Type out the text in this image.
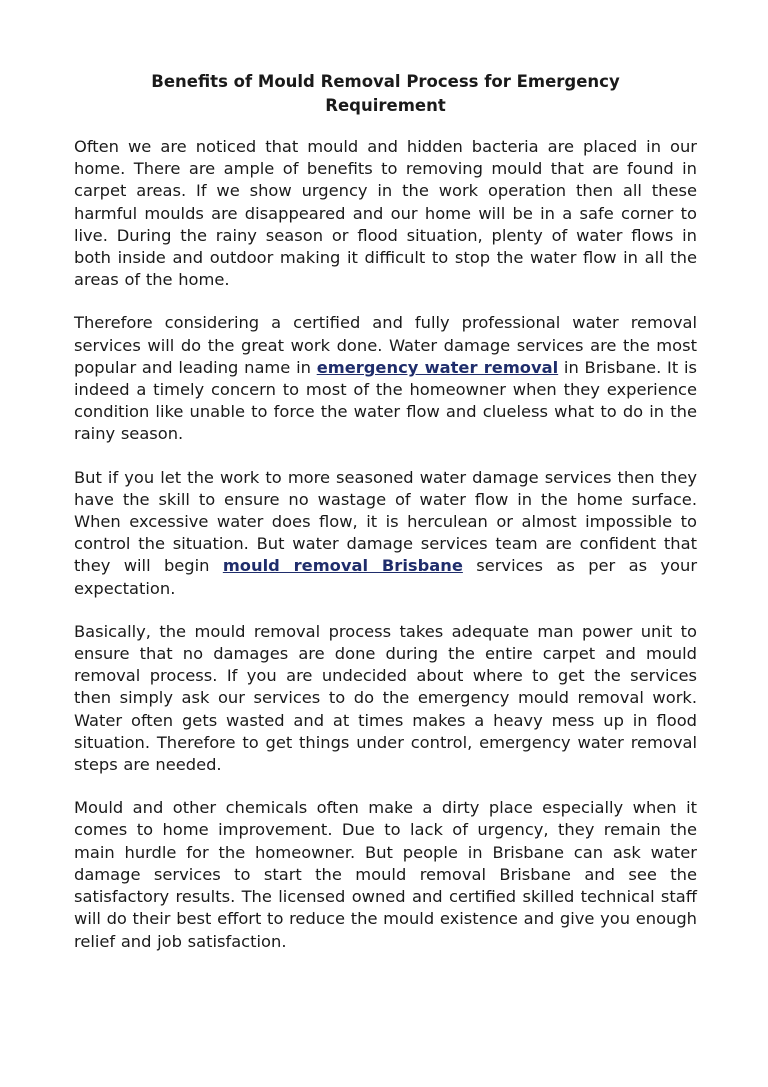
Benefits of Mould Removal Process for Emergency Requirement

Often we are noticed that mould and hidden bacteria are placed in our home. There are ample of benefits to removing mould that are found in carpet areas. If we show urgency in the work operation then all these harmful moulds are disappeared and our home will be in a safe corner to live. During the rainy season or flood situation, plenty of water flows in both inside and outdoor making it difficult to stop the water flow in all the areas of the home.

Therefore considering a certified and fully professional water removal services will do the great work done. Water damage services are the most popular and leading name in emergency water removal in Brisbane. It is indeed a timely concern to most of the homeowner when they experience condition like unable to force the water flow and clueless what to do in the rainy season.

But if you let the work to more seasoned water damage services then they have the skill to ensure no wastage of water flow in the home surface. When excessive water does flow, it is herculean or almost impossible to control the situation. But water damage services team are confident that they will begin mould removal Brisbane services as per as your expectation.

Basically, the mould removal process takes adequate man power unit to ensure that no damages are done during the entire carpet and mould removal process. If you are undecided about where to get the services then simply ask our services to do the emergency mould removal work. Water often gets wasted and at times makes a heavy mess up in flood situation. Therefore to get things under control, emergency water removal steps are needed.

Mould and other chemicals often make a dirty place especially when it comes to home improvement. Due to lack of urgency, they remain the main hurdle for the homeowner. But people in Brisbane can ask water damage services to start the mould removal Brisbane and see the satisfactory results. The licensed owned and certified skilled technical staff will do their best effort to reduce the mould existence and give you enough relief and job satisfaction.
